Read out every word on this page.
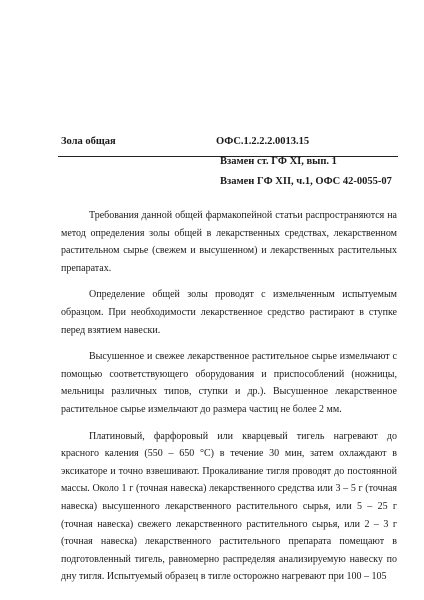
Зола общая	ОФС.1.2.2.2.0013.15
Взамен ст. ГФ XI, вып. 1
Взамен ГФ XII, ч.1, ОФС 42-0055-07

Требования данной общей фармакопейной статьи распространяются на метод определения золы общей в лекарственных средствах, лекарственном растительном сырье (свежем и высушенном) и лекарственных растительных препаратах.

Определение общей золы проводят с измельченным испытуемым образцом. При необходимости лекарственное средство растирают в ступке перед взятием навески.

Высушенное и свежее лекарственное растительное сырье измельчают с помощью соответствующего оборудования и приспособлений (ножницы, мельницы различных типов, ступки и др.). Высушенное лекарственное растительное сырье измельчают до размера частиц не более 2 мм.

Платиновый, фарфоровый или кварцевый тигель нагревают до красного каления (550 – 650 °С) в течение 30 мин, затем охлаждают в эксикаторе и точно взвешивают. Прокаливание тигля проводят до постоянной массы. Около 1 г (точная навеска) лекарственного средства или 3 – 5 г (точная навеска) высушенного лекарственного растительного сырья, или 5 – 25 г (точная навеска) свежего лекарственного растительного сырья, или 2 – 3 г (точная навеска) лекарственного растительного препарата помещают в подготовленный тигель, равномерно распределяя анализируемую навеску по дну тигля. Испытуемый образец в тигле осторожно нагревают при 100 – 105
